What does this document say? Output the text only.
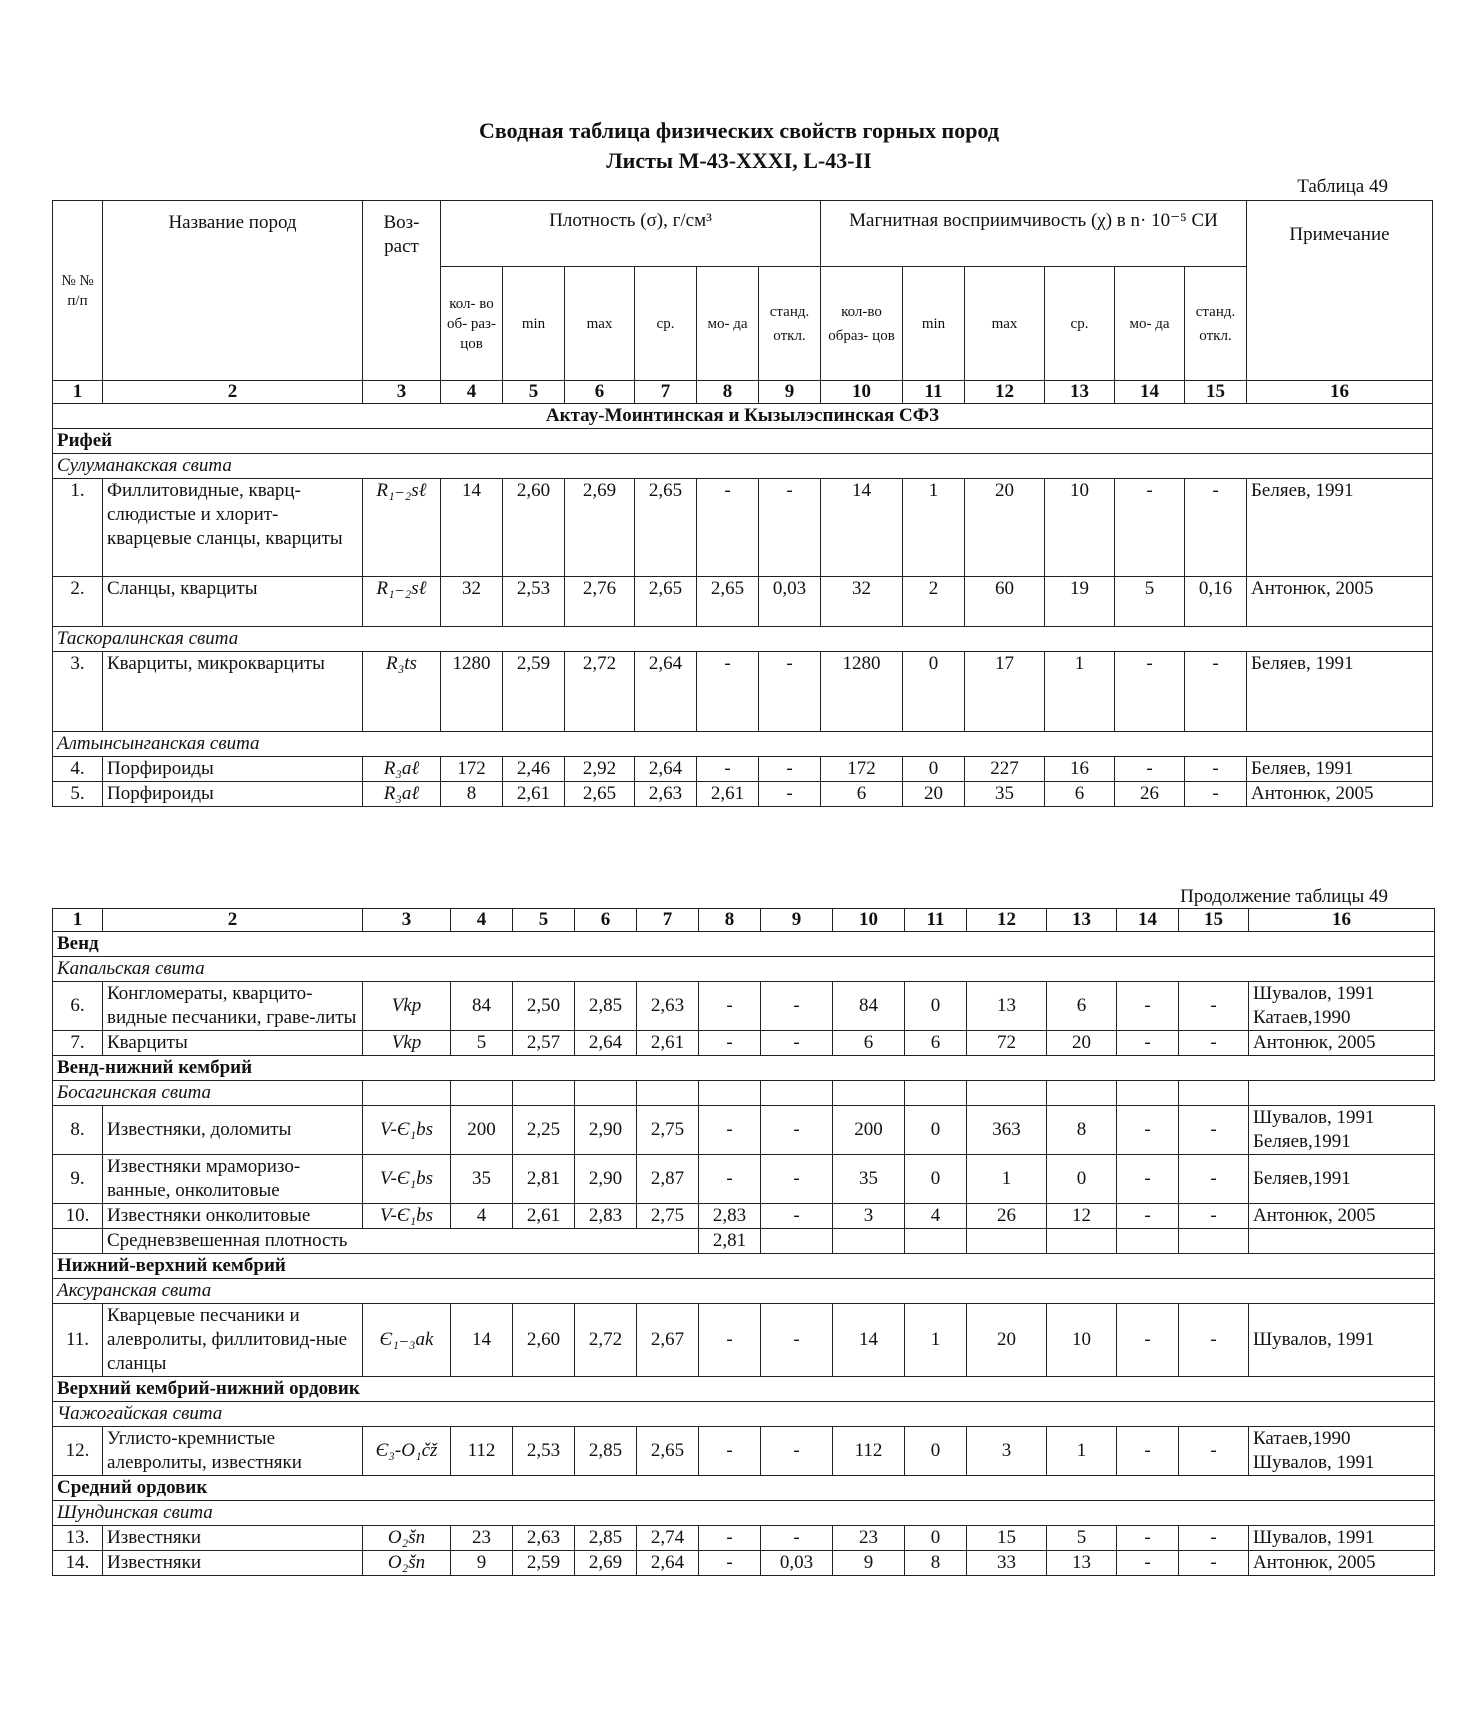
Сводная таблица физических свойств горных пород
Листы M-43-XXXI, L-43-II
Таблица 49
№ № п/п	Название пород	Воз- раст	Плотность (σ), г/см³						Магнитная восприимчивость (χ) в n· 10⁻⁵ СИ						Примечание
			кол- во об- раз- цов	min	max	ср.	мо- да	станд. откл.	кол-во образ- цов	min	max	ср.	мо- да	станд. откл.	
1	2	3	4	5	6	7	8	9	10	11	12	13	14	15	16
Актау-Моинтинская и Кызылэспинская СФЗ															
Рифей															
Сулуманакская свита															
1.	Филлитовидные, кварц-слюдистые и хлорит-кварцевые сланцы, кварциты	R₁₋₂sℓ	14	2,60	2,69	2,65	-	-	14	1	20	10	-	-	Беляев, 1991
2.	Сланцы, кварциты	R₁₋₂sℓ	32	2,53	2,76	2,65	2,65	0,03	32	2	60	19	5	0,16	Антонюк, 2005
Таскоралинская свита															
3.	Кварциты, микрокварциты	R₃ts	1280	2,59	2,72	2,64	-	-	1280	0	17	1	-	-	Беляев, 1991
Алтынсынганская свита															
4.	Порфироиды	R₃aℓ	172	2,46	2,92	2,64	-	-	172	0	227	16	-	-	Беляев, 1991
5.	Порфироиды	R₃aℓ	8	2,61	2,65	2,63	2,61	-	6	20	35	6	26	-	Антонюк, 2005
Продолжение таблицы 49
1	2	3	4	5	6	7	8	9	10	11	12	13	14	15	16
Венд															
Капальская свита															
6.	Конгломераты, кварцито-видные песчаники, граве-литы	Vkp	84	2,50	2,85	2,63	-	-	84	0	13	6	-	-	Шувалов, 1991 Катаев,1990
7.	Кварциты	Vkp	5	2,57	2,64	2,61	-	-	6	6	72	20	-	-	Антонюк, 2005
Венд-нижний кембрий															
Босагинская свита															
8.	Известняки, доломиты	V-Є₁bs	200	2,25	2,90	2,75	-	-	200	0	363	8	-	-	Шувалов, 1991 Беляев,1991
9.	Известняки мраморизо-ванные, онколитовые	V-Є₁bs	35	2,81	2,90	2,87	-	-	35	0	1	0	-	-	Беляев,1991
10.	Известняки онколитовые	V-Є₁bs	4	2,61	2,83	2,75	2,83	-	3	4	26	12	-	-	Антонюк, 2005
	Средневзвешенная плотность						2,81								
Нижний-верхний кембрий															
Аксуранская свита															
11.	Кварцевые песчаники и алевролиты, филлитовид-ные сланцы	Є₁₋₃ak	14	2,60	2,72	2,67	-	-	14	1	20	10	-	-	Шувалов, 1991
Верхний кембрий-нижний ордовик															
Чажогайская свита															
12.	Углисто-кремнистые алевролиты, известняки	Є₃-O₁čž	112	2,53	2,85	2,65	-	-	112	0	3	1	-	-	Катаев,1990 Шувалов, 1991
Средний ордовик															
Шундинская свита															
13.	Известняки	O₂šn	23	2,63	2,85	2,74	-	-	23	0	15	5	-	-	Шувалов, 1991
14.	Известняки	O₂šn	9	2,59	2,69	2,64	-	0,03	9	8	33	13	-	-	Антонюк, 2005
